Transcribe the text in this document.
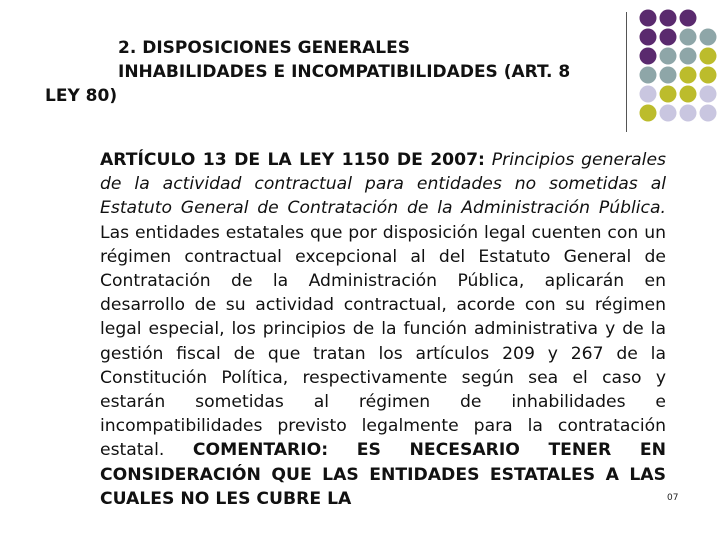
2. DISPOSICIONES GENERALES
INHABILIDADES E INCOMPATIBILIDADES (ART. 8
LEY 80)
ARTÍCULO 13 DE LA LEY 1150 DE 2007: Principios generales de la actividad contractual para entidades no sometidas al Estatuto General de Contratación de la Administración Pública. Las entidades estatales que por disposición legal cuenten con un régimen contractual excepcional al del Estatuto General de Contratación de la Administración Pública, aplicarán en desarrollo de su actividad contractual, acorde con su régimen legal especial, los principios de la función administrativa y de la gestión fiscal de que tratan los artículos 209 y 267 de la Constitución Política, respectivamente según sea el caso y estarán sometidas al régimen de inhabilidades e incompatibilidades previsto legalmente para la contratación estatal. COMENTARIO: ES NECESARIO TENER EN CONSIDERACIÓN QUE LAS ENTIDADES ESTATALES A LAS CUALES NO LES CUBRE LA	07
